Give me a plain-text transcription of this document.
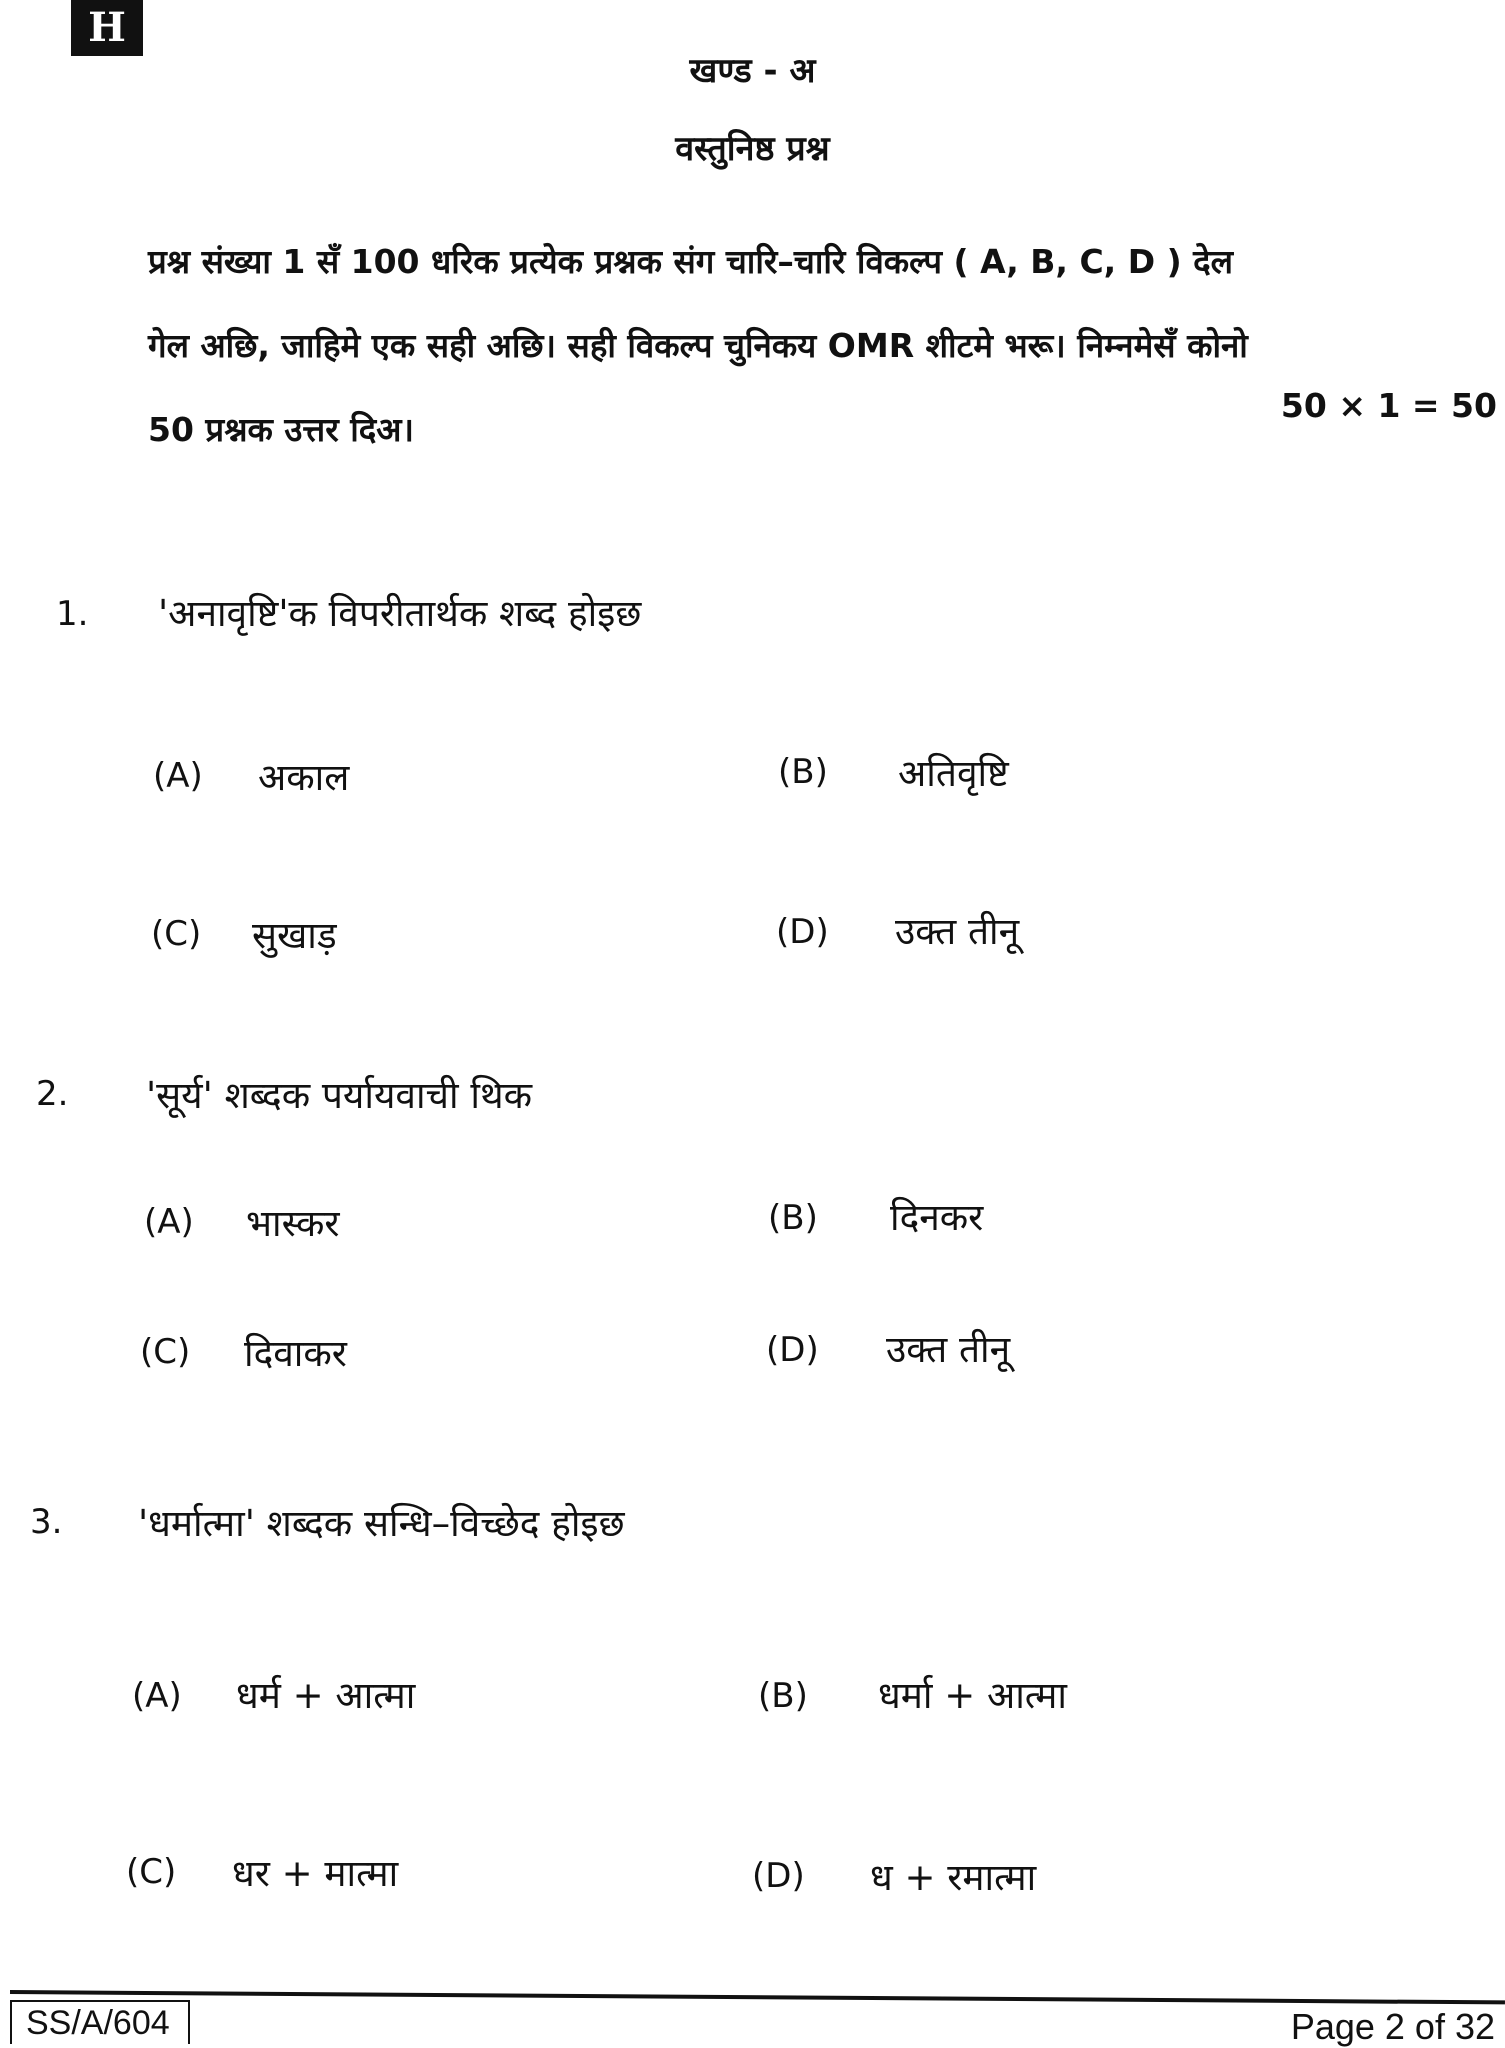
H
खण्ड - अ
वस्तुनिष्ठ प्रश्न
प्रश्न संख्या 1 सँ 100 धरिक प्रत्येक प्रश्नक संग चारि–चारि विकल्प ( A, B, C, D ) देल
गेल अछि, जाहिमे एक सही अछि। सही विकल्प चुनिकय OMR शीटमे भरू। निम्नमेसँ कोनो
50 प्रश्नक उत्तर दिअ।
50 × 1 = 50
1. 'अनावृष्टि'क विपरीतार्थक शब्द होइछ
(A) अकाल	(B) अतिवृष्टि
(C) सुखाड़	(D) उक्त तीनू
2. 'सूर्य' शब्दक पर्यायवाची थिक
(A) भास्कर	(B) दिनकर
(C) दिवाकर	(D) उक्त तीनू
3. 'धर्मात्मा' शब्दक सन्धि–विच्छेद होइछ
(A) धर्म + आत्मा	(B) धर्मा + आत्मा
(C) धर + मात्मा	(D) ध + रमात्मा
SS/A/604	Page 2 of 32
